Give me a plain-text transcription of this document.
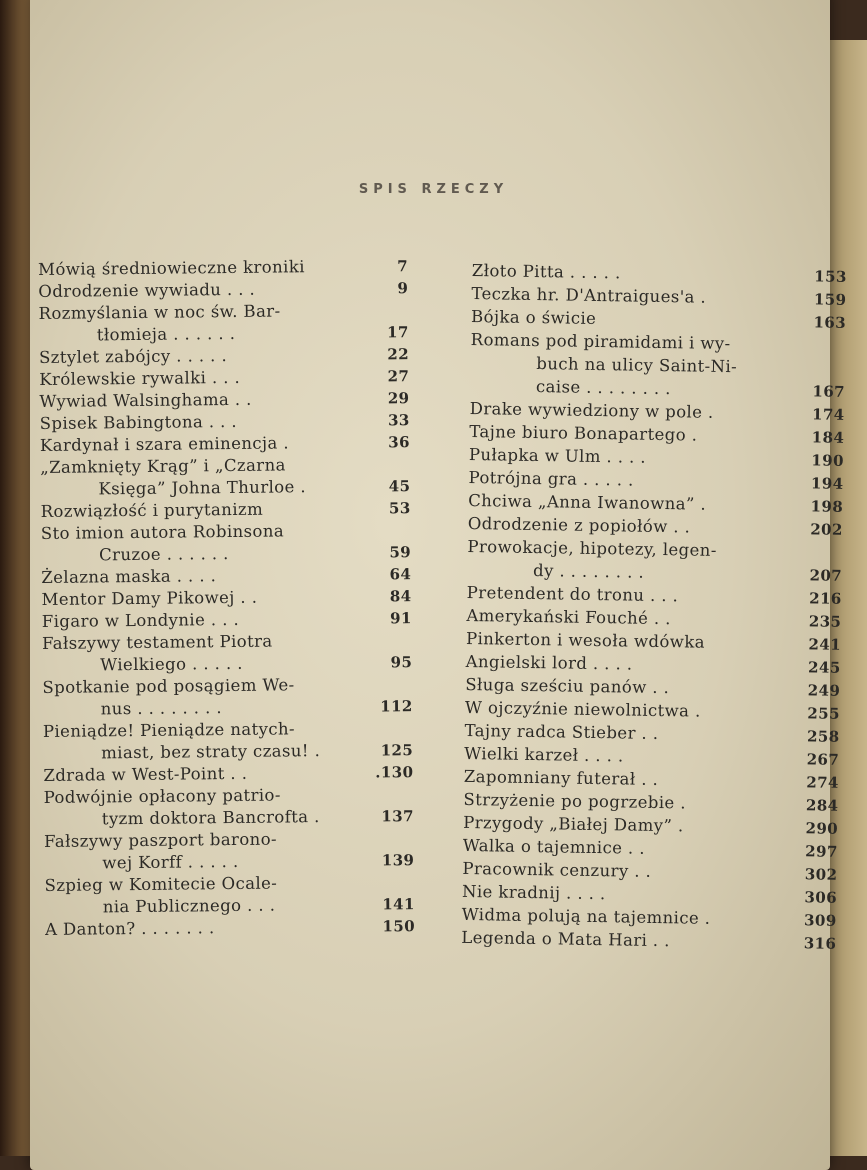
SPIS RZECZY
Mówią średniowieczne kroniki	7
Odrodzenie wywiadu . . .	9
Rozmyślania w noc św. Bar-
tłomieja . . . . . .	17
Sztylet zabójcy . . . . .	22
Królewskie rywalki . . .	27
Wywiad Walsinghama . .	29
Spisek Babingtona . . .	33
Kardynał i szara eminencja .	36
„Zamknięty Krąg” i „Czarna
Księga” Johna Thurloe .	45
Rozwiązłość i purytanizm	53
Sto imion autora Robinsona
Cruzoe . . . . . .	59
Żelazna maska . . . .	64
Mentor Damy Pikowej . .	84
Figaro w Londynie . . .	91
Fałszywy testament Piotra
Wielkiego . . . . .	95
Spotkanie pod posągiem We-
nus . . . . . . . .	112
Pieniądze! Pieniądze natych-
miast, bez straty czasu! .	125
Zdrada w West-Point . .	.130
Podwójnie opłacony patrio-
tyzm doktora Bancrofta .	137
Fałszywy paszport barono-
wej Korff . . . . .	139
Szpieg w Komitecie Ocale-
nia Publicznego . . .	141
A Danton? . . . . . . .	150
Złoto Pitta . . . . .	153
Teczka hr. D'Antraigues'a .	159
Bójka o świcie	163
Romans pod piramidami i wy-
buch na ulicy Saint-Ni-
caise . . . . . . . .	167
Drake wywiedziony w pole .	174
Tajne biuro Bonapartego .	184
Pułapka w Ulm . . . .	190
Potrójna gra . . . . .	194
Chciwa „Anna Iwanowna” .	198
Odrodzenie z popiołów . .	202
Prowokacje, hipotezy, legen-
dy . . . . . . . .	207
Pretendent do tronu . . .	216
Amerykański Fouché . .	235
Pinkerton i wesoła wdówka	241
Angielski lord . . . .	245
Sługa sześciu panów . .	249
W ojczyźnie niewolnictwa .	255
Tajny radca Stieber . .	258
Wielki karzeł . . . .	267
Zapomniany futerał . .	274
Strzyżenie po pogrzebie .	284
Przygody „Białej Damy” .	290
Walka o tajemnice . .	297
Pracownik cenzury . .	302
Nie kradnij . . . .	306
Widma polują na tajemnice .	309
Legenda o Mata Hari . .	316
